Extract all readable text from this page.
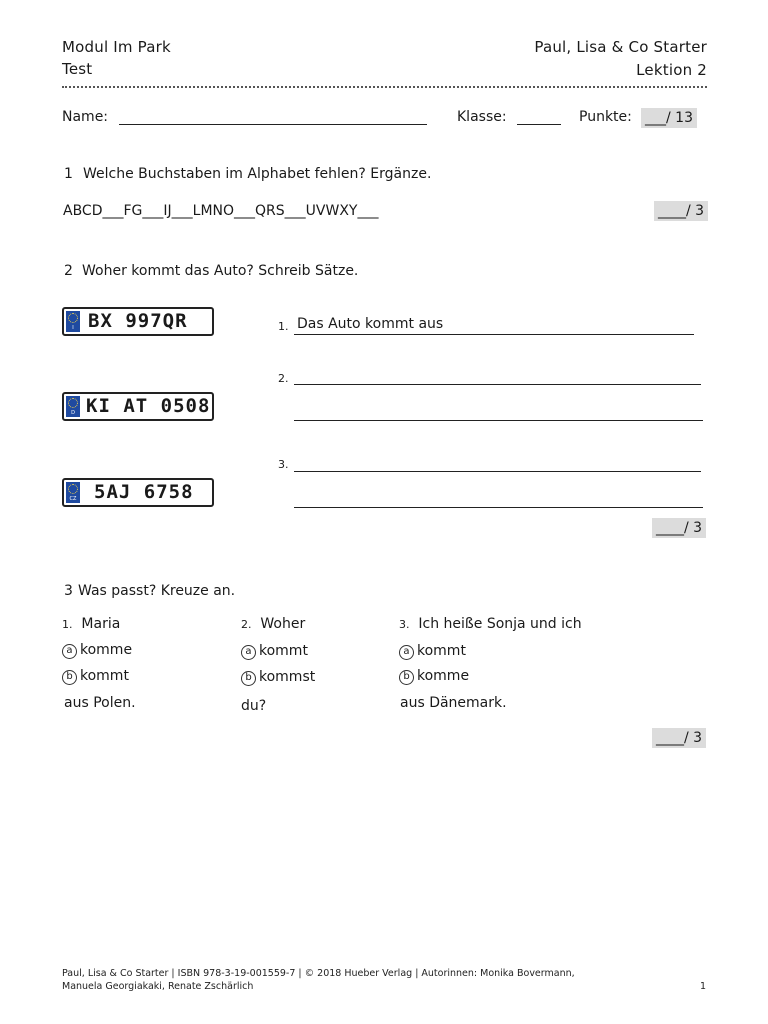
Modul Im Park
Test
Paul, Lisa & Co Starter
Lektion 2
Name:	Klasse:	Punkte: ___/ 13
1 Welche Buchstaben im Alphabet fehlen? Ergänze.
ABCD___FG___IJ___LMNO___QRS___UVWXY___	____/ 3
2 Woher kommt das Auto? Schreib Sätze.
I BX 997QR
D KI AT 0508
CZ 5AJ 6758
1. Das Auto kommt aus
2.
3.
____/ 3
3 Was passt? Kreuze an.
1. Maria
a komme
b kommt
aus Polen.
2. Woher
a kommt
b kommst
du?
3. Ich heiße Sonja und ich
a kommt
b komme
aus Dänemark.
____/ 3
Paul, Lisa & Co Starter | ISBN 978-3-19-001559-7 | © 2018 Hueber Verlag | Autorinnen: Monika Bovermann,
Manuela Georgiakaki, Renate Zschärlich	1
